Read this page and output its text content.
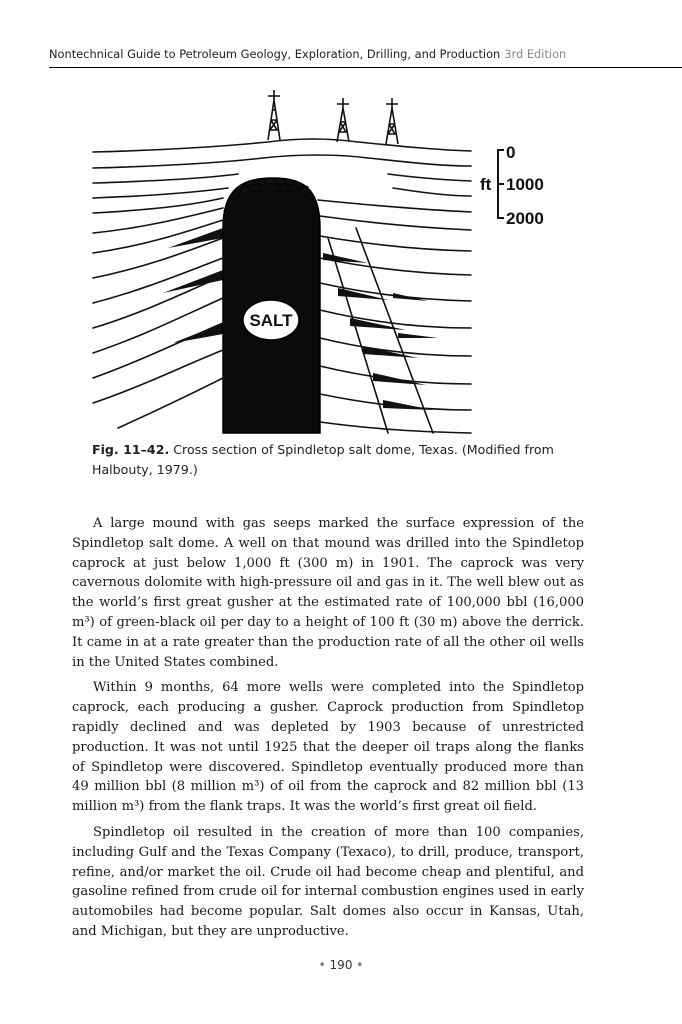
Nontechnical Guide to Petroleum Geology, Exploration, Drilling, and Production 3rd Edition
SALT
ft
0
1000
2000
Fig. 11–42. Cross section of Spindletop salt dome, Texas. (Modified from Halbouty, 1979.)

A large mound with gas seeps marked the surface expression of the Spindletop salt dome. A well on that mound was drilled into the Spindletop caprock at just below 1,000 ft (300 m) in 1901. The caprock was very cavernous dolomite with high-pressure oil and gas in it. The well blew out as the world’s first great gusher at the estimated rate of 100,000 bbl (16,000 m³) of green-black oil per day to a height of 100 ft (30 m) above the derrick. It came in at a rate greater than the production rate of all the other oil wells in the United States combined.

Within 9 months, 64 more wells were completed into the Spindletop caprock, each producing a gusher. Caprock production from Spindletop rapidly declined and was depleted by 1903 because of unrestricted production. It was not until 1925 that the deeper oil traps along the flanks of Spindletop were discovered. Spindletop eventually produced more than 49 million bbl (8 million m³) of oil from the caprock and 82 million bbl (13 million m³) from the flank traps. It was the world’s first great oil field.

Spindletop oil resulted in the creation of more than 100 companies, including Gulf and the Texas Company (Texaco), to drill, produce, transport, refine, and/or market the oil. Crude oil had become cheap and plentiful, and gasoline refined from crude oil for internal combustion engines used in early automobiles had become popular. Salt domes also occur in Kansas, Utah, and Michigan, but they are unproductive.

• 190 •
